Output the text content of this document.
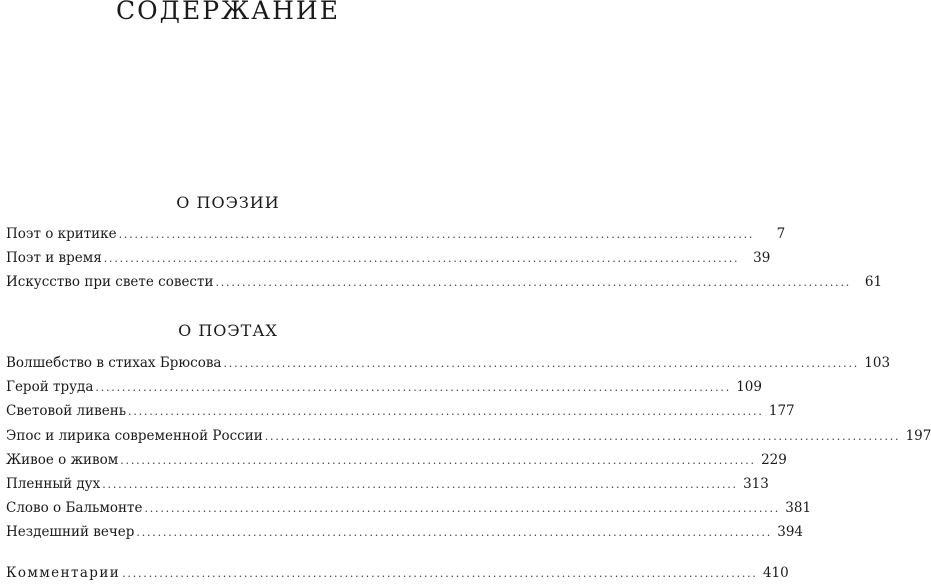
СОДЕРЖАНИЕ
О ПОЭЗИИ
Поэт о критике ........................................................................................................................	7
Поэт и время ........................................................................................................................	39
Искусство при свете совести ........................................................................................................................	61
О ПОЭТАХ
Волшебство в стихах Брюсова ........................................................................................................................ 103
Герой труда ........................................................................................................................ 109
Световой ливень ........................................................................................................................ 177
Эпос и лирика современной России ........................................................................................................................ 197
Живое о живом ........................................................................................................................ 229
Пленный дух ........................................................................................................................ 313
Слово о Бальмонте ........................................................................................................................ 381
Нездешний вечер ........................................................................................................................ 394
Комментарии ........................................................................................................................ 410
